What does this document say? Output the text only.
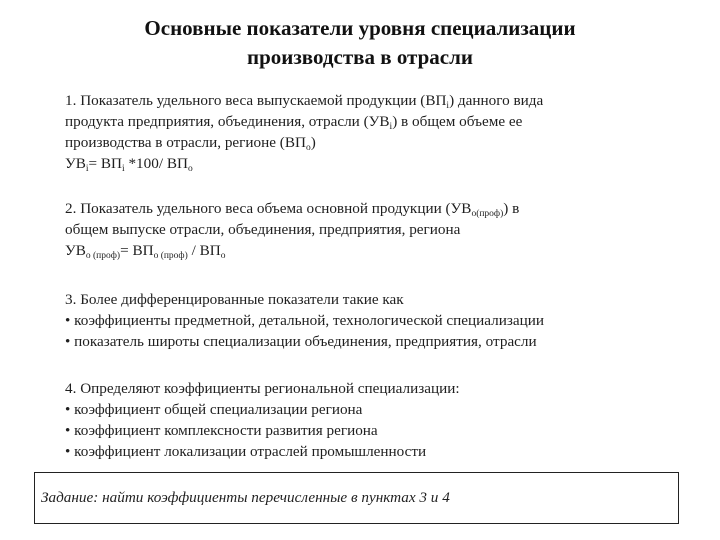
Основные показатели уровня специализации
производства в отрасли
1. Показатель удельного веса выпускаемой продукции $(ВП_i)$ данного вида
продукта предприятия, объединения, отрасли $(УВ_i)$ в общем объеме ее
производства в отрасли, регионе $(ВП_о)$
$УВ_i= ВП_i$ *100/ $ВП_о$
2. Показатель удельного веса объема основной продукции $(УВ_{о(проф)})$ в
общем выпуске отрасли, объединения, предприятия, региона
$УВ_{о (проф)}= ВП_{о (проф)} / ВП_о$
3. Более дифференцированные показатели такие как
• коэффициенты предметной, детальной, технологической специализации
• показатель широты специализации объединения, предприятия, отрасли
4. Определяют коэффициенты региональной специализации:
• коэффициент общей специализации региона
• коэффициент комплексности развития региона
• коэффициент локализации отраслей промышленности
Задание: найти коэффициенты перечисленные в пунктах 3 и 4
